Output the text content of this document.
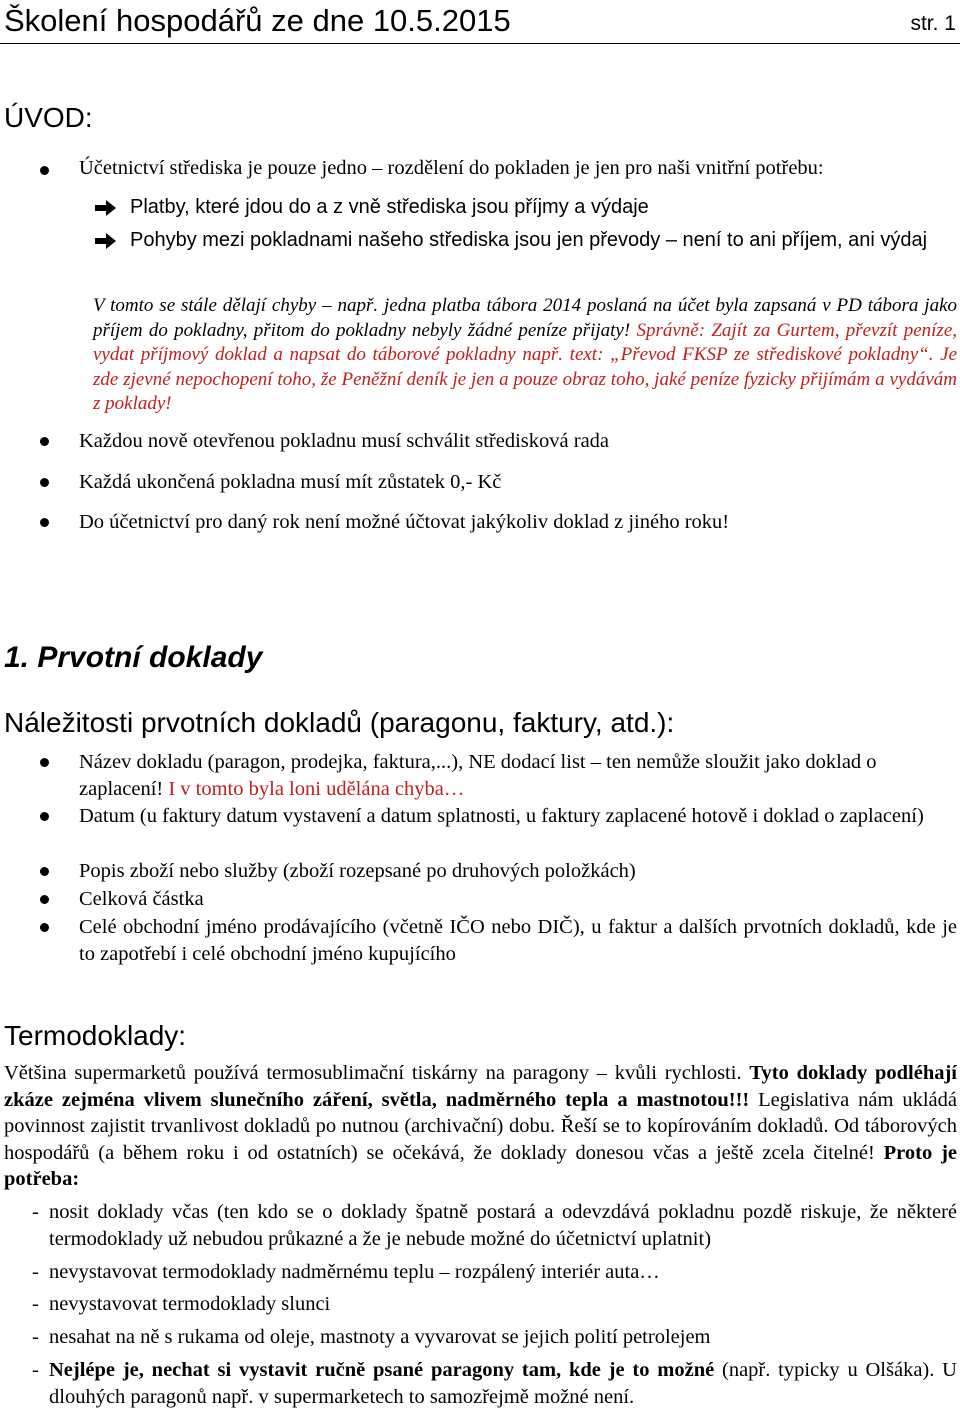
Školení hospodářů ze dne 10.5.2015	str. 1
ÚVOD:
Účetnictví střediska je pouze jedno – rozdělení do pokladen je jen pro naši vnitřní potřebu:
Platby, které jdou do a z vně střediska jsou příjmy a výdaje
Pohyby mezi pokladnami našeho střediska jsou jen převody – není to ani příjem, ani výdaj
V tomto se stále dělají chyby – např. jedna platba tábora 2014 poslaná na účet byla zapsaná v PD tábora jako příjem do pokladny, přitom do pokladny nebyly žádné peníze přijaty! Správně: Zajít za Gurtem, převzít peníze, vydat příjmový doklad a napsat do táborové pokladny např. text: „Převod FKSP ze střediskové pokladny“. Je zde zjevné nepochopení toho, že Peněžní deník je jen a pouze obraz toho, jaké peníze fyzicky přijímám a vydávám z poklady!
Každou nově otevřenou pokladnu musí schválit středisková rada
Každá ukončená pokladna musí mít zůstatek 0,- Kč
Do účetnictví pro daný rok není možné účtovat jakýkoliv doklad z jiného roku!
1. Prvotní doklady
Náležitosti prvotních dokladů (paragonu, faktury, atd.):
Název dokladu (paragon, prodejka, faktura,...), NE dodací list – ten nemůže sloužit jako doklad o zaplacení! I v tomto byla loni udělána chyba…
Datum (u faktury datum vystavení a datum splatnosti, u faktury zaplacené hotově i doklad o zaplacení)
Popis zboží nebo služby (zboží rozepsané po druhových položkách)
Celková částka
Celé obchodní jméno prodávajícího (včetně IČO nebo DIČ), u faktur a dalších prvotních dokladů, kde je to zapotřebí i celé obchodní jméno kupujícího
Termodoklady:
Většina supermarketů používá termosublimační tiskárny na paragony – kvůli rychlosti. Tyto doklady podléhají zkáze zejména vlivem slunečního záření, světla, nadměrného tepla a mastnotou!!! Legislativa nám ukládá povinnost zajistit trvanlivost dokladů po nutnou (archivační) dobu. Řeší se to kopírováním dokladů. Od táborových hospodářů (a během roku i od ostatních) se očekává, že doklady donesou včas a ještě zcela čitelné! Proto je potřeba:
- nosit doklady včas (ten kdo se o doklady špatně postará a odevzdává pokladnu pozdě riskuje, že některé termodoklady už nebudou průkazné a že je nebude možné do účetnictví uplatnit)
- nevystavovat termodoklady nadměrnému teplu – rozpálený interiér auta…
- nevystavovat termodoklady slunci
- nesahat na ně s rukama od oleje, mastnoty a vyvarovat se jejich polití petrolejem
- Nejlépe je, nechat si vystavit ručně psané paragony tam, kde je to možné (např. typicky u Olšáka). U dlouhých paragonů např. v supermarketech to samozřejmě možné není.
